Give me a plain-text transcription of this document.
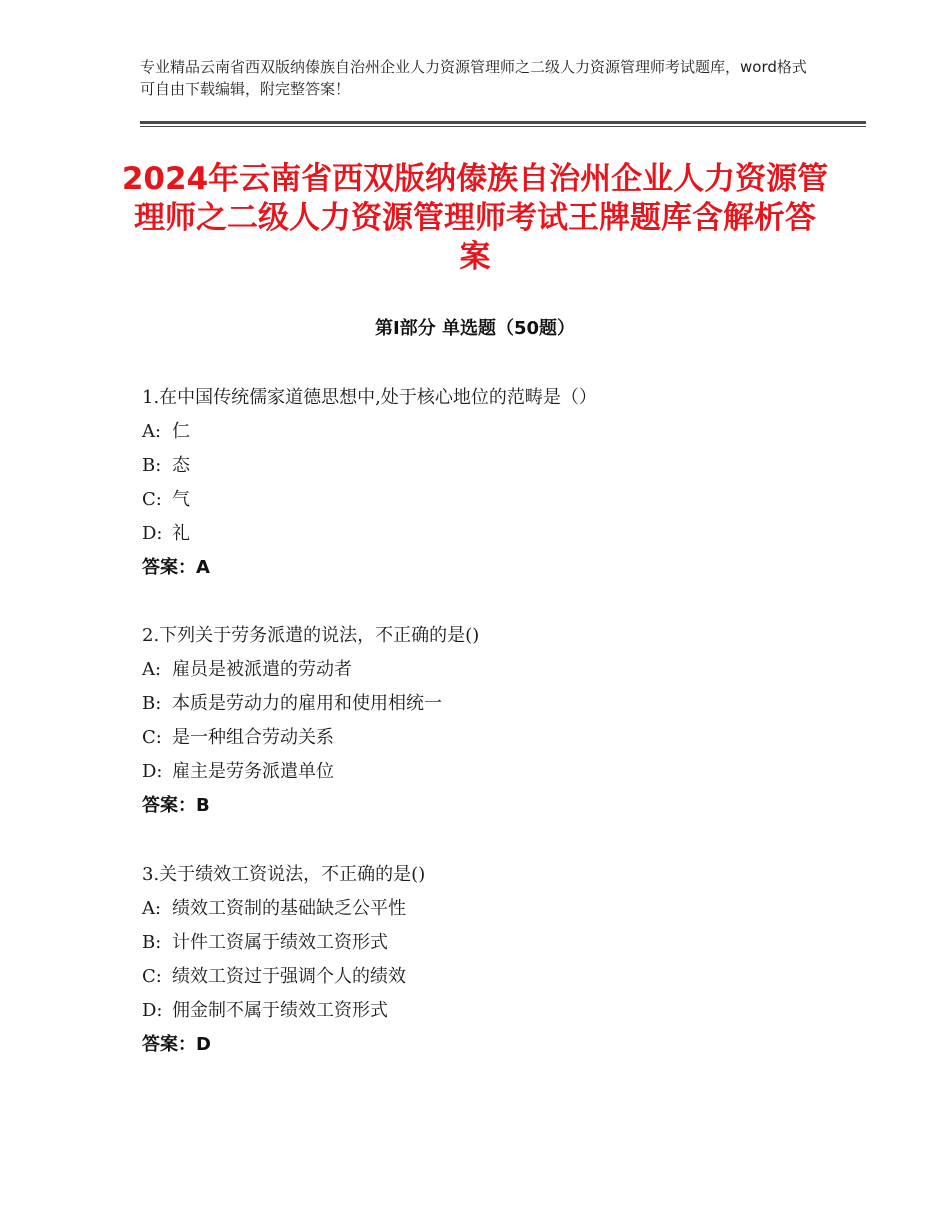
专业精品云南省西双版纳傣族自治州企业人力资源管理师之二级人力资源管理师考试题库，word格式可自由下载编辑，附完整答案！
2024年云南省西双版纳傣族自治州企业人力资源管理师之二级人力资源管理师考试王牌题库含解析答案
第Ⅰ部分 单选题（50题）
1.在中国传统儒家道德思想中,处于核心地位的范畴是（）
A: 仁
B: 态
C: 气
D: 礼
答案：A
2.下列关于劳务派遣的说法，不正确的是()
A: 雇员是被派遣的劳动者
B: 本质是劳动力的雇用和使用相统一
C: 是一种组合劳动关系
D: 雇主是劳务派遣单位
答案：B
3.关于绩效工资说法，不正确的是()
A: 绩效工资制的基础缺乏公平性
B: 计件工资属于绩效工资形式
C: 绩效工资过于强调个人的绩效
D: 佣金制不属于绩效工资形式
答案：D
